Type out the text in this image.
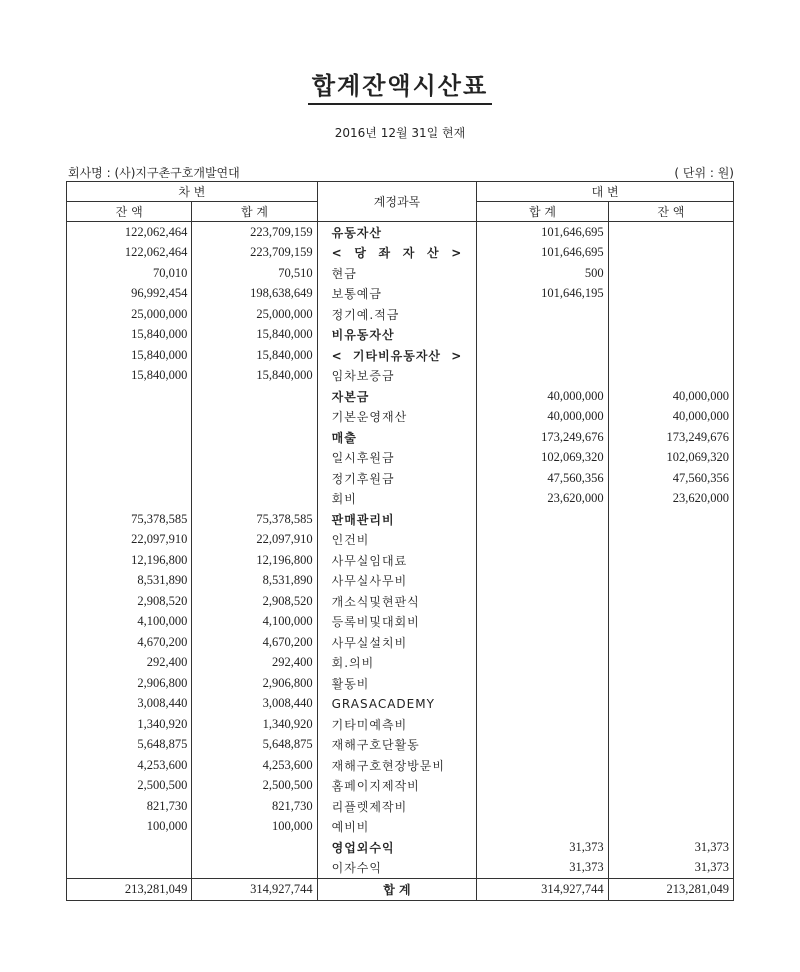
합계잔액시산표
2016년 12월 31일 현재
회사명 : (사)지구촌구호개발연대	( 단위 : 원)
차 변		계정과목	대 변	
잔 액	합 계		합 계	잔 액
122,062,464	223,709,159	유동자산	101,646,695	
122,062,464	223,709,159	< 당 좌 자 산 >	101,646,695	
70,010	70,510	현금	500	
96,992,454	198,638,649	보통예금	101,646,195	
25,000,000	25,000,000	정기예.적금		
15,840,000	15,840,000	비유동자산		
15,840,000	15,840,000	< 기타비유동자산 >		
15,840,000	15,840,000	임차보증금		
		자본금	40,000,000	40,000,000
		기본운영재산	40,000,000	40,000,000
		매출	173,249,676	173,249,676
		일시후원금	102,069,320	102,069,320
		정기후원금	47,560,356	47,560,356
		회비	23,620,000	23,620,000
75,378,585	75,378,585	판매관리비		
22,097,910	22,097,910	인건비		
12,196,800	12,196,800	사무실임대료		
8,531,890	8,531,890	사무실사무비		
2,908,520	2,908,520	개소식및현판식		
4,100,000	4,100,000	등록비및대회비		
4,670,200	4,670,200	사무실설치비		
292,400	292,400	회.의비		
2,906,800	2,906,800	활동비		
3,008,440	3,008,440	GRASACADEMY		
1,340,920	1,340,920	기타미예측비		
5,648,875	5,648,875	재해구호단활동		
4,253,600	4,253,600	재해구호현장방문비		
2,500,500	2,500,500	홈페이지제작비		
821,730	821,730	리플렛제작비		
100,000	100,000	예비비		
		영업외수익	31,373	31,373
		이자수익	31,373	31,373
213,281,049	314,927,744	합 계	314,927,744	213,281,049
